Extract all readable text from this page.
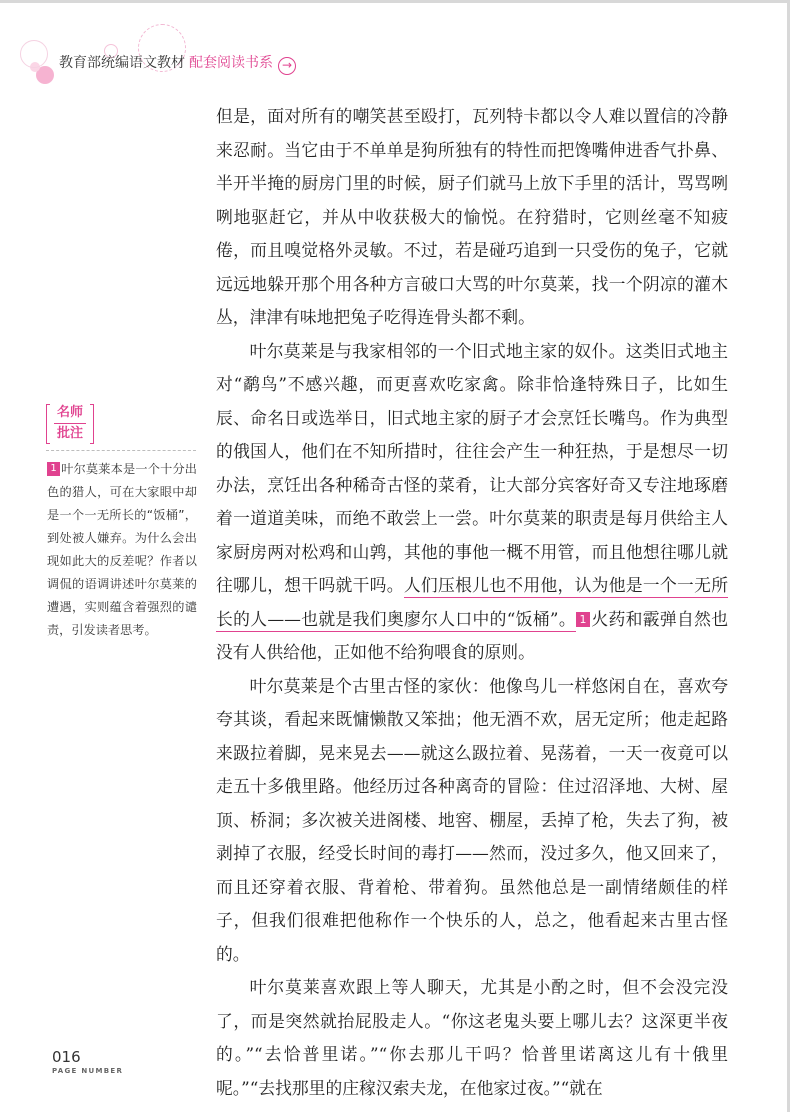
教育部统编语文教材 配套阅读书系 →
名师
批注
1 叶尔莫莱本是一个十分出色的猎人，可在大家眼中却是一个一无所长的“饭桶”，到处被人嫌弃。为什么会出现如此大的反差呢？作者以调侃的语调讲述叶尔莫莱的遭遇，实则蕴含着强烈的谴责，引发读者思考。

但是，面对所有的嘲笑甚至殴打，瓦列特卡都以令人难以置信的冷静来忍耐。当它由于不单单是狗所独有的特性而把馋嘴伸进香气扑鼻、半开半掩的厨房门里的时候，厨子们就马上放下手里的活计，骂骂咧咧地驱赶它，并从中收获极大的愉悦。在狩猎时，它则丝毫不知疲倦，而且嗅觉格外灵敏。不过，若是碰巧追到一只受伤的兔子，它就远远地躲开那个用各种方言破口大骂的叶尔莫莱，找一个阴凉的灌木丛，津津有味地把兔子吃得连骨头都不剩。

叶尔莫莱是与我家相邻的一个旧式地主家的奴仆。这类旧式地主对“鹬鸟”不感兴趣，而更喜欢吃家禽。除非恰逢特殊日子，比如生辰、命名日或选举日，旧式地主家的厨子才会烹饪长嘴鸟。作为典型的俄国人，他们在不知所措时，往往会产生一种狂热，于是想尽一切办法，烹饪出各种稀奇古怪的菜肴，让大部分宾客好奇又专注地琢磨着一道道美味，而绝不敢尝上一尝。叶尔莫莱的职责是每月供给主人家厨房两对松鸡和山鹑，其他的事他一概不用管，而且他想往哪儿就往哪儿，想干吗就干吗。人们压根儿也不用他，认为他是一个一无所长的人——也就是我们奥廖尔人口中的“饭桶”。 1 火药和霰弹自然也没有人供给他，正如他不给狗喂食的原则。

叶尔莫莱是个古里古怪的家伙：他像鸟儿一样悠闲自在，喜欢夸夸其谈，看起来既慵懒散又笨拙；他无酒不欢，居无定所；他走起路来趿拉着脚，晃来晃去——就这么趿拉着、晃荡着，一天一夜竟可以走五十多俄里路。他经历过各种离奇的冒险：住过沼泽地、大树、屋顶、桥洞；多次被关进阁楼、地窖、棚屋，丢掉了枪，失去了狗，被剥掉了衣服，经受长时间的毒打——然而，没过多久，他又回来了，而且还穿着衣服、背着枪、带着狗。虽然他总是一副情绪颇佳的样子，但我们很难把他称作一个快乐的人，总之，他看起来古里古怪的。

叶尔莫莱喜欢跟上等人聊天，尤其是小酌之时，但不会没完没了，而是突然就抬屁股走人。“你这老鬼头要上哪儿去？这深更半夜的。”“去恰普里诺。”“你去那儿干吗？恰普里诺离这儿有十俄里呢。”“去找那里的庄稼汉索夫龙，在他家过夜。”“就在

016
PAGE NUMBER
